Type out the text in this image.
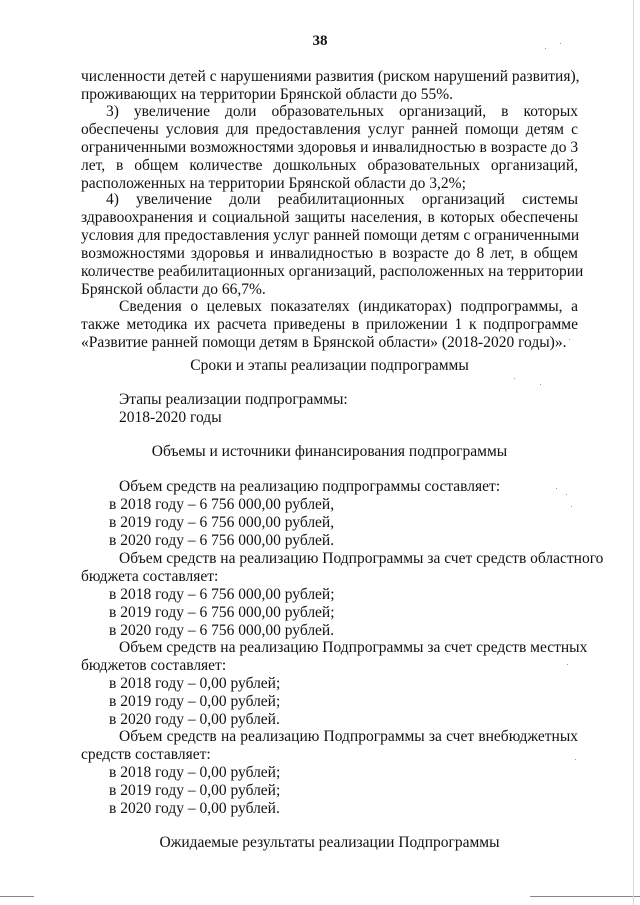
38
численности детей с нарушениями развития (риском нарушений развития),
проживающих на территории Брянской области до 55%.
3) увеличение доли образовательных организаций, в которых
обеспечены условия для предоставления услуг ранней помощи детям с
ограниченными возможностями здоровья и инвалидностью в возрасте до 3
лет, в общем количестве дошкольных образовательных организаций,
расположенных на территории Брянской области до 3,2%;
4) увеличение доли реабилитационных организаций системы
здравоохранения и социальной защиты населения, в которых обеспечены
условия для предоставления услуг ранней помощи детям с ограниченными
возможностями здоровья и инвалидностью в возрасте до 8 лет, в общем
количестве реабилитационных организаций, расположенных на территории
Брянской области до 66,7%.
Сведения о целевых показателях (индикаторах) подпрограммы, а
также методика их расчета приведены в приложении 1 к подпрограмме
«Развитие ранней помощи детям в Брянской области» (2018-2020 годы)».
Сроки и этапы реализации подпрограммы
Этапы реализации подпрограммы:
2018-2020 годы
Объемы и источники финансирования подпрограммы
Объем средств на реализацию подпрограммы составляет:
в 2018 году – 6 756 000,00 рублей,
в 2019 году – 6 756 000,00 рублей,
в 2020 году – 6 756 000,00 рублей.
Объем средств на реализацию Подпрограммы за счет средств областного
бюджета составляет:
в 2018 году – 6 756 000,00 рублей;
в 2019 году – 6 756 000,00 рублей;
в 2020 году – 6 756 000,00 рублей.
Объем средств на реализацию Подпрограммы за счет средств местных
бюджетов составляет:
в 2018 году – 0,00 рублей;
в 2019 году – 0,00 рублей;
в 2020 году – 0,00 рублей.
Объем средств на реализацию Подпрограммы за счет внебюджетных
средств составляет:
в 2018 году – 0,00 рублей;
в 2019 году – 0,00 рублей;
в 2020 году – 0,00 рублей.
Ожидаемые результаты реализации Подпрограммы
